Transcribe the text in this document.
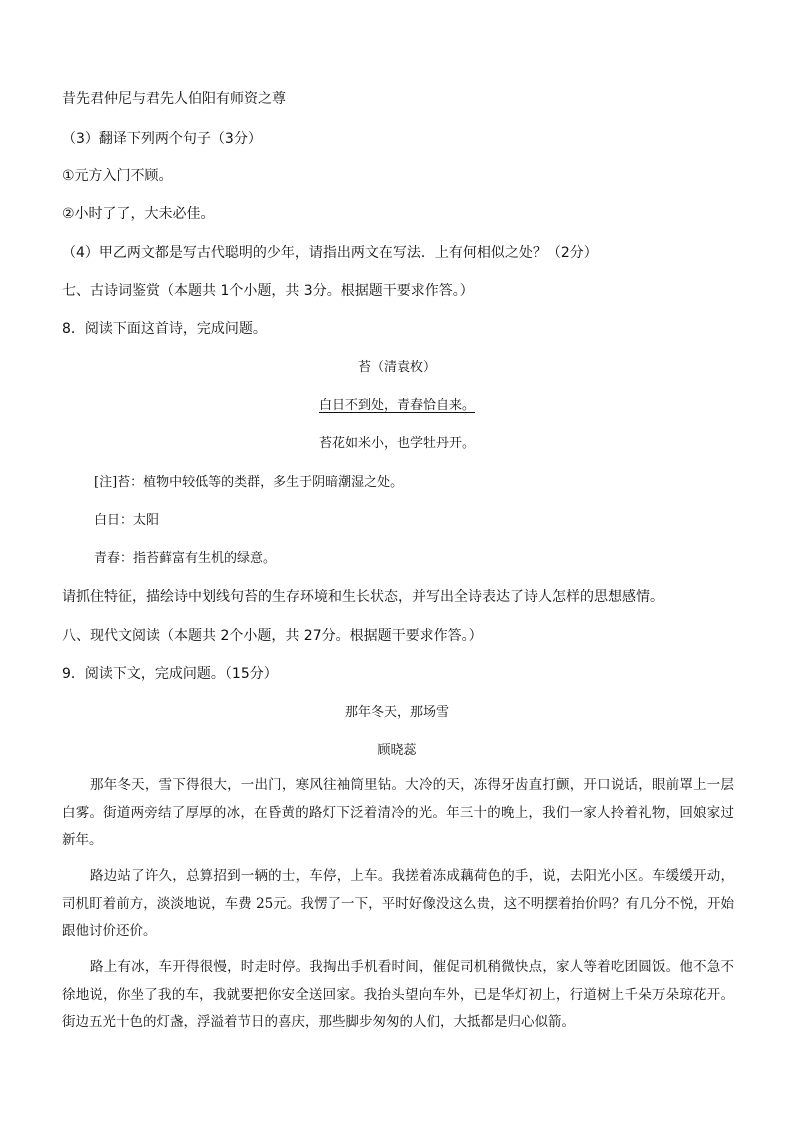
昔先君仲尼与君先人伯阳有师资之尊
（3）翻译下列两个句子（3分）
①元方入门不顾。
②小时了了，大未必佳。
（4）甲乙两文都是写古代聪明的少年，请指出两文在写法．上有何相似之处？（2分）
七、古诗词鉴赏（本题共 1个小题，共 3分。根据题干要求作答。）
8．阅读下面这首诗，完成问题。
苔（清袁枚）
白日不到处，青春恰自来。
苔花如米小，也学牡丹开。
[注]苔：植物中较低等的类群，多生于阴暗潮湿之处。
白日：太阳
青春：指苔藓富有生机的绿意。
请抓住特征，描绘诗中划线句苔的生存环境和生长状态，并写出全诗表达了诗人怎样的思想感情。
八、现代文阅读（本题共 2个小题，共 27分。根据题干要求作答。）
9．阅读下文，完成问题。（15分）
那年冬天，那场雪
顾晓蕊
那年冬天，雪下得很大，一出门，寒风往袖筒里钻。大冷的天，冻得牙齿直打颤，开口说话，眼前罩上一层白雾。街道两旁结了厚厚的冰，在昏黄的路灯下泛着清冷的光。年三十的晚上，我们一家人拎着礼物，回娘家过新年。
路边站了许久，总算招到一辆的士，车停，上车。我搓着冻成藕荷色的手，说，去阳光小区。车缓缓开动，司机盯着前方，淡淡地说，车费 25元。我愣了一下，平时好像没这么贵，这不明摆着抬价吗？有几分不悦，开始跟他讨价还价。
路上有冰，车开得很慢，时走时停。我掏出手机看时间，催促司机稍微快点，家人等着吃团圆饭。他不急不徐地说，你坐了我的车，我就要把你安全送回家。我抬头望向车外，已是华灯初上，行道树上千朵万朵琼花开。街边五光十色的灯盏，浮溢着节日的喜庆，那些脚步匆匆的人们，大抵都是归心似箭。
